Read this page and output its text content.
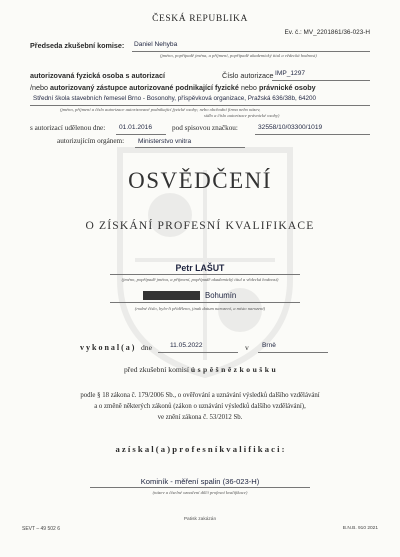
ČESKÁ REPUBLIKA
Ev. č.: MV_2201861/36-023-H
Předseda zkušební komise: Daniel Nehyba
(jméno, popřípadě jména, a příjmení, popřípadě akademický titul a vědecká hodnost)
autorizovaná fyzická osoba s autorizací	Číslo autorizace IMP_1297
/nebo autorizovaný zástupce autorizované podnikající fyzické nebo právnické osoby
Střední škola stavebních řemesel Brno - Bosonohy, příspěvková organizace, Pražská 636/38b, 64200
(jméno, příjmení a číslo autorizace autorizované podnikající fyzické osoby; nebo obchodní firma nebo název,
sídlo a číslo autorizace právnické osoby)
s autorizací udělenou dne: 01.01.2016	pod spisovou značkou:	32558/10/03300/1019
autorizujícím orgánem: Ministerstvo vnitra
OSVĚDČENÍ
O ZÍSKÁNÍ PROFESNÍ KVALIFIKACE
Petr LAŠUT
(jméno, popřípadě jména, a příjmení, popřípadě akademický titul a vědecká hodnost)
Bohumín
(rodné číslo, bylo-li přiděleno, jinak datum narození, a místo narození)
v y k o n a l ( a ) dne	11.05.2022	v Brně
před zkušební komisí ú s p ě š n ě z k o u š k u
podle § 18 zákona č. 179/2006 Sb., o ověřování a uznávání výsledků dalšího vzdělávání
a o změně některých zákonů (zákon o uznávání výsledků dalšího vzdělávání),
ve znění zákona č. 53/2012 Sb.
a z í s k a l ( a ) p r o f e s n í k v a l i f i k a c i :
Kominík - měření spalin (36-023-H)
(název a číselné označení dílčí profesní kvalifikace)
Patisk zakázán
SEVT – 49 502 6	B.N.B. 910 2021
